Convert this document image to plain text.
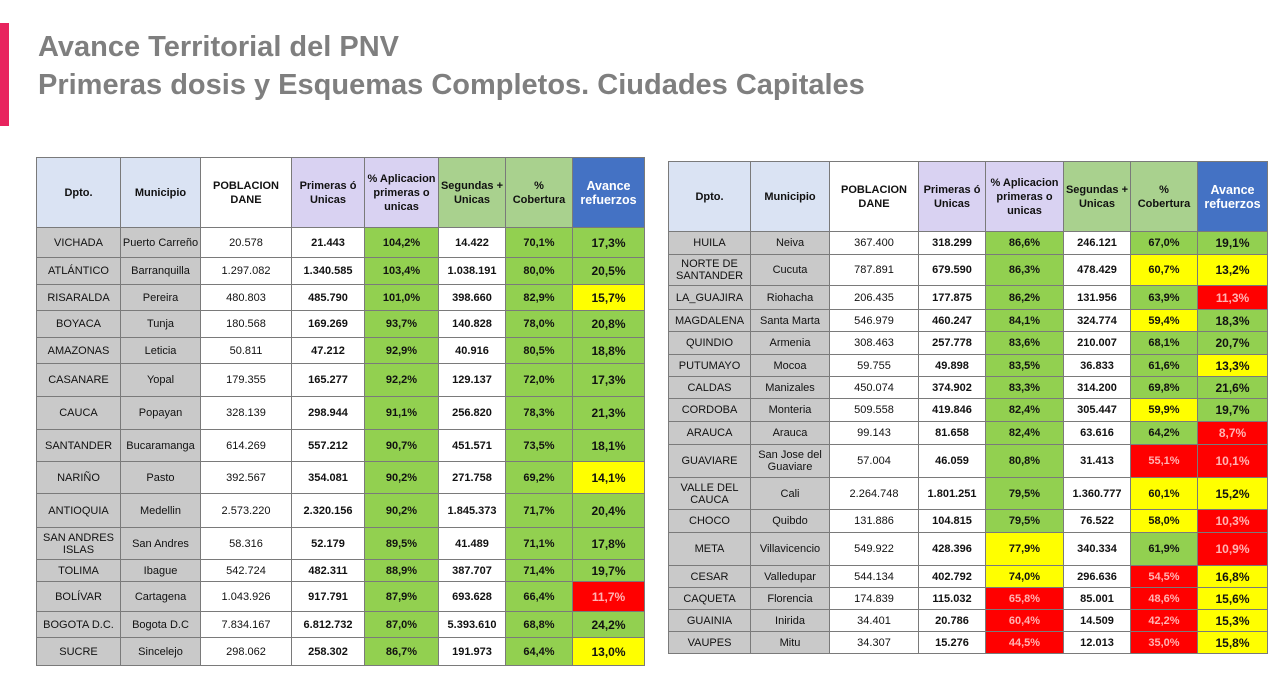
Avance Territorial del PNV
Primeras dosis y Esquemas Completos. Ciudades Capitales
Dpto.	Municipio	POBLACION DANE	Primeras ó Unicas	% Aplicacion primeras o unicas	Segundas + Unicas	% Cobertura	Avance refuerzos
VICHADA	Puerto Carreño	20.578	21.443	104,2%	14.422	70,1%	17,3%
ATLÁNTICO	Barranquilla	1.297.082	1.340.585	103,4%	1.038.191	80,0%	20,5%
RISARALDA	Pereira	480.803	485.790	101,0%	398.660	82,9%	15,7%
BOYACA	Tunja	180.568	169.269	93,7%	140.828	78,0%	20,8%
AMAZONAS	Leticia	50.811	47.212	92,9%	40.916	80,5%	18,8%
CASANARE	Yopal	179.355	165.277	92,2%	129.137	72,0%	17,3%
CAUCA	Popayan	328.139	298.944	91,1%	256.820	78,3%	21,3%
SANTANDER	Bucaramanga	614.269	557.212	90,7%	451.571	73,5%	18,1%
NARIÑO	Pasto	392.567	354.081	90,2%	271.758	69,2%	14,1%
ANTIOQUIA	Medellin	2.573.220	2.320.156	90,2%	1.845.373	71,7%	20,4%
SAN ANDRES ISLAS	San Andres	58.316	52.179	89,5%	41.489	71,1%	17,8%
TOLIMA	Ibague	542.724	482.311	88,9%	387.707	71,4%	19,7%
BOLÍVAR	Cartagena	1.043.926	917.791	87,9%	693.628	66,4%	11,7%
BOGOTA D.C.	Bogota D.C	7.834.167	6.812.732	87,0%	5.393.610	68,8%	24,2%
SUCRE	Sincelejo	298.062	258.302	86,7%	191.973	64,4%	13,0%
Dpto.	Municipio	POBLACION DANE	Primeras ó Unicas	% Aplicacion primeras o unicas	Segundas + Unicas	% Cobertura	Avance refuerzos
HUILA	Neiva	367.400	318.299	86,6%	246.121	67,0%	19,1%
NORTE DE SANTANDER	Cucuta	787.891	679.590	86,3%	478.429	60,7%	13,2%
LA_GUAJIRA	Riohacha	206.435	177.875	86,2%	131.956	63,9%	11,3%
MAGDALENA	Santa Marta	546.979	460.247	84,1%	324.774	59,4%	18,3%
QUINDIO	Armenia	308.463	257.778	83,6%	210.007	68,1%	20,7%
PUTUMAYO	Mocoa	59.755	49.898	83,5%	36.833	61,6%	13,3%
CALDAS	Manizales	450.074	374.902	83,3%	314.200	69,8%	21,6%
CORDOBA	Monteria	509.558	419.846	82,4%	305.447	59,9%	19,7%
ARAUCA	Arauca	99.143	81.658	82,4%	63.616	64,2%	8,7%
GUAVIARE	San Jose del Guaviare	57.004	46.059	80,8%	31.413	55,1%	10,1%
VALLE DEL CAUCA	Cali	2.264.748	1.801.251	79,5%	1.360.777	60,1%	15,2%
CHOCO	Quibdo	131.886	104.815	79,5%	76.522	58,0%	10,3%
META	Villavicencio	549.922	428.396	77,9%	340.334	61,9%	10,9%
CESAR	Valledupar	544.134	402.792	74,0%	296.636	54,5%	16,8%
CAQUETA	Florencia	174.839	115.032	65,8%	85.001	48,6%	15,6%
GUAINIA	Inirida	34.401	20.786	60,4%	14.509	42,2%	15,3%
VAUPES	Mitu	34.307	15.276	44,5%	12.013	35,0%	15,8%
